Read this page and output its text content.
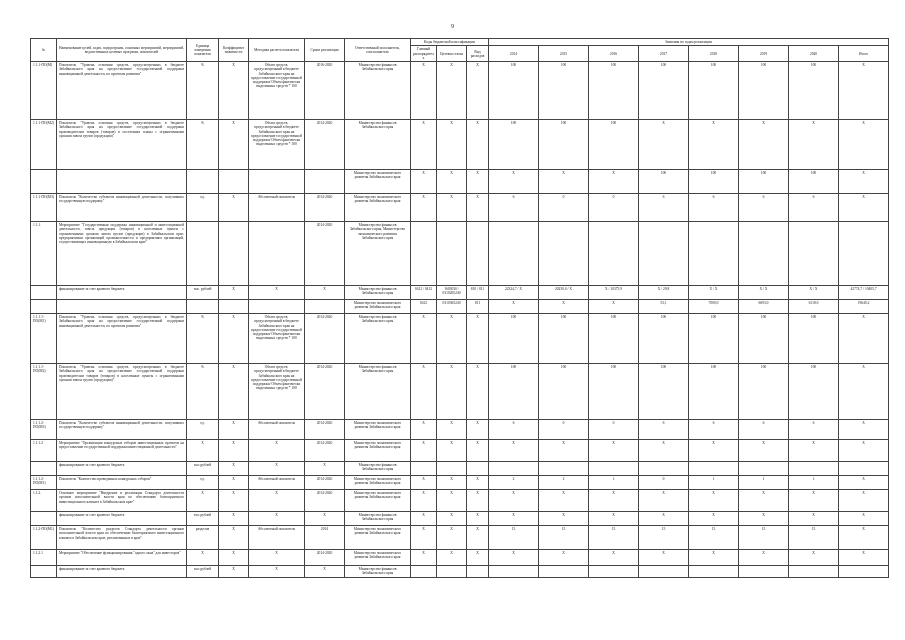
9
№	Наименование целей, задач, подпрограмм, основных мероприятий, мероприятий, ведомственных целевых программ, показателей	Единица измерения показателя	Коэффициент значимости	Методика расчета показателя	Сроки реализации	Ответственный исполнитель, соисполнитель	Коды бюджетной классификации			Значения по годам реализации							
							Главный распорядитель	Целевая статья	Вид расходов	2014	2015	2016	2017	2018	2019	2020	Итого
1.1.1-ПО(М)	Показатель "Уровень освоения средств, предусмотренных в бюджете Забайкальского края на предоставление государственной поддержки инновационной деятельности, по проектам развития"	%	Х	Объем средств, предусмотренный в бюджете Забайкальского края на предоставление государственной поддержки/ Объем фактически выделенных средств * 100	2016-2020	Министерство финансов Забайкальского края	Х	Х	Х	100	100	100	100	100	100	100	Х
1.1.1-ПО(М2)	Показатель "Уровень освоения средств, предусмотренных в бюджете Забайкальского края на предоставление государственной поддержки производителям товаров (товаров) в поселениях планы с ограниченными сроками завоза грузов (продукции)"	%	Х	Объем средств, предусмотренный в бюджете Забайкальского края на предоставление государственной поддержки/ Объем фактически выделенных средств * 100	2014-2020	Министерство финансов Забайкальского края	Х	Х	Х	100	100	100	Х	Х	Х	Х	Х
						Министерство экономического развития Забайкальского края	Х	Х	Х	Х	Х	Х	100	100	100	100	Х
1.1.1-ПО(М3)	Показатель "Количество субъектов инновационной деятельности, получивших государственную поддержку"	ед.	Х	Абсолютный показатель	2014-2020	Министерство экономического развития Забайкальского края	Х	Х	Х	6	0	0	6	6	6	6	Х
1.1.1.	Мероприятие "Государственная поддержка инновационной и инвестиционной деятельности, завоза продукции (товаров) в населенные пункты с ограниченными сроками завоза грузов (продукции) в Забайкальском крае, предприятиями организаций промышленности и предприятиям организаций, осуществляющих инновационную в Забайкальском крае"				2014-2020	Министерство финансов Забайкальского края, Министерство экономического развития Забайкальского края											
	финансирование за счет краевого бюджета	тыс. рублей	Х	Х	Х	Министерство финансов Забайкальского края	0412 / 0412	1603030 / 0310265240	810 / 811	22324,7 / Х	20250,0 / Х	Х / 10375,9	Х / 29,8	Х / Х	Х / Х	Х / Х	42774,7 / 10405,7
						Министерство экономического развития Забайкальского края	0412	0310365240	811	Х	Х	Х	53,1	7000,0	6693,0	6118,0	19640,2
1.1.1.1-ПО(М1)	Показатель "Уровень освоения средств, предусмотренных в бюджете Забайкальского края на предоставление государственной поддержки инновационной деятельности, по проектам развития"	%	Х	Объем средств, предусмотренный в бюджете Забайкальского края на предоставление государственной поддержки/ Объем фактически выделенных средств * 100	2014-2020	Министерство финансов Забайкальского края	Х	Х	Х	100	100	100	100	100	100	100	Х
1.1.1.1-ПО(М2)	Показатель "Уровень освоения средств, предусмотренных в бюджете Забайкальского края на предоставление государственной поддержки производителям товаров (товаров) в населенные пункты с ограниченными сроками завоза грузов (продукции)"	%	Х	Объем средств, предусмотренный в бюджете Забайкальского края на предоставление государственной поддержки/ Объем фактически выделенных средств * 100	2014-2020	Министерство финансов Забайкальского края	Х	Х	Х	100	100	100	100	100	100	100	Х
1.1.1.2-ПО(М3)	Показатель "Количество субъектов инновационной деятельности, получивших государственную поддержку"	ед.	Х	Абсолютный показатель	2014-2020	Министерство экономического развития Забайкальского края	Х	Х	Х	6	0	0	6	6	6	6	Х
1.1.1.2	Мероприятие "Организация конкурсных отборов инвестиционных проектов на предоставление государственной поддержки инвестиционной деятельности"	Х	Х	Х	2014-2020	Министерство экономического развития Забайкальского края	Х	Х	Х	Х	Х	Х	Х	Х	Х	Х	Х
	финансирование за счет краевого бюджета	тыс.рублей	Х	Х	Х	Министерство финансов Забайкальского края											
1.1.1.2-ПО(М1)	Показатель "Количество проведенных конкурсных отборов"	ед.	Х	Абсолютный показатель	2014-2020	Министерство экономического развития Забайкальского края	Х	Х	Х	2	2	1	0	1	1	1	Х
1.1.2.	Основное мероприятие "Внедрение и реализация Стандарта деятельности органов исполнительной власти края по обеспечению благоприятного инвестиционного климата в Забайкальском крае"	Х	Х	Х	2014-2020	Министерство экономического развития Забайкальского края	Х	Х	Х	Х	Х	Х	Х	Х	Х	Х	Х
	финансирование за счет краевого бюджета	тыс.рублей	Х	Х	Х	Министерство финансов Забайкальского края	Х	Х	Х	Х	Х	Х	Х	Х	Х	Х	Х
1.1.2-ПО(М1)	Показатель "Количество разделов Стандарта деятельности органов исполнительной власти края по обеспечению благоприятного инвестиционного климата в Забайкальском крае, реализованных в крае"	разделов	Х	Абсолютный показатель	2014	Министерство экономического развития Забайкальского края	Х	Х	Х	15	15	15	15	15	15	15	Х
1.1.2.1	Мероприятие "Обеспечение функционирования "одного окна" для инвесторов"	Х	Х	Х	2014-2020	Министерство экономического развития Забайкальского края	Х	Х	Х	Х	Х	Х	Х	Х	Х	Х	Х
	финансирование за счет краевого бюджета	тыс.рублей	Х	Х	Х	Министерство финансов Забайкальского края											
